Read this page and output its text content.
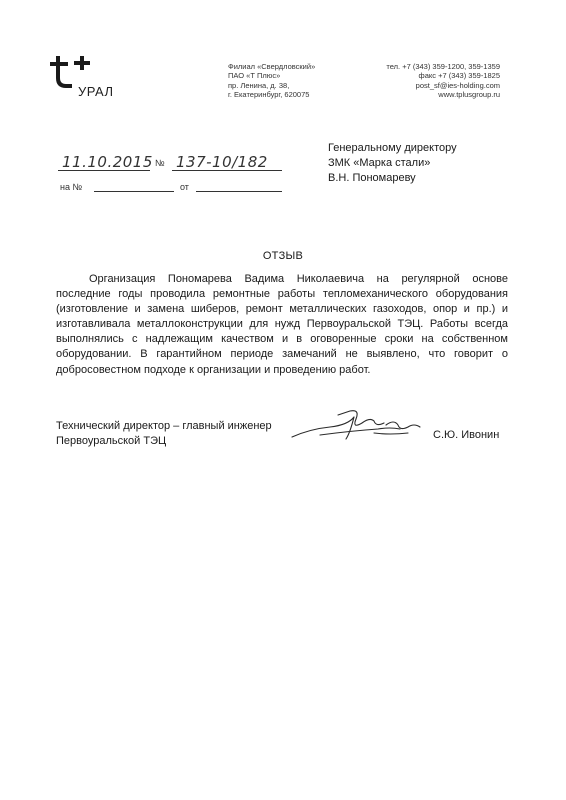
УРАЛ
Филиал «Свердловский»
ПАО «Т Плюс»
пр. Ленина, д. 38,
г. Екатеринбург, 620075
тел. +7 (343) 359-1200, 359-1359
факс +7 (343) 359-1825
post_sf@ies-holding.com
www.tplusgroup.ru
Генеральному директору
ЗМК «Марка стали»
В.Н. Пономареву
11.10.2015 № 137-10/182
на №	от
ОТЗЫВ

Организация Пономарева Вадима Николаевича на регулярной основе последние годы проводила ремонтные работы тепломеханического оборудования (изготовление и замена шиберов, ремонт металлических газоходов, опор и пр.) и изготавливала металлоконструкции для нужд Первоуральской ТЭЦ. Работы всегда выполнялись с надлежащим качеством и в оговоренные сроки на собственном оборудовании. В гарантийном периоде замечаний не выявлено, что говорит о добросовестном подходе к организации и проведению работ.

Технический директор – главный инженер
Первоуральской ТЭЦ	С.Ю. Ивонин
